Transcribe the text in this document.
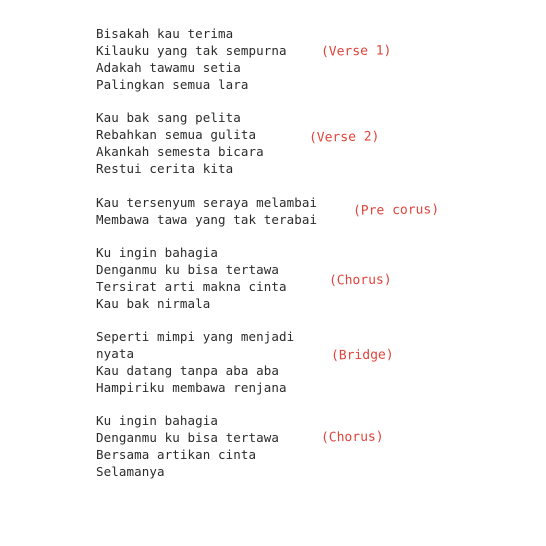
Bisakah kau terima
Kilauku yang tak sempurna
Adakah tawamu setia
Palingkan semua lara
(Verse 1)
Kau bak sang pelita
Rebahkan semua gulita
Akankah semesta bicara
Restui cerita kita
(Verse 2)
Kau tersenyum seraya melambai
Membawa tawa yang tak terabai
(Pre corus)
Ku ingin bahagia
Denganmu ku bisa tertawa
Tersirat arti makna cinta
Kau bak nirmala
(Chorus)
Seperti mimpi yang menjadi
nyata
Kau datang tanpa aba aba
Hampiriku membawa renjana
(Bridge)
Ku ingin bahagia
Denganmu ku bisa tertawa
Bersama artikan cinta
Selamanya
(Chorus)
